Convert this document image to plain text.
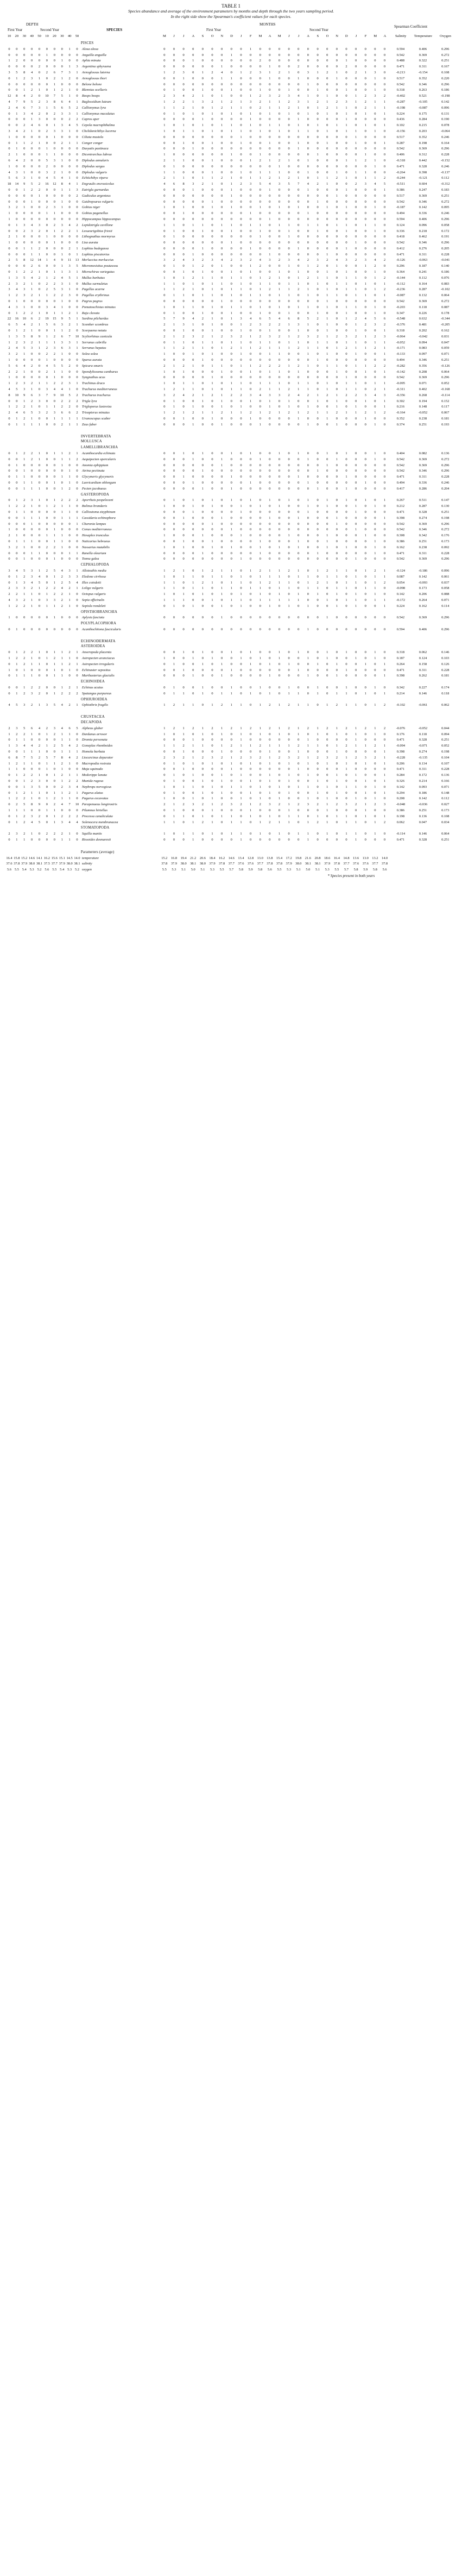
TABLE 1

Species abundance and average of the environment parameters by months and depth through the two years sampling period.

In the right side show the Spearman's coefficient values for each species.

DEPTH
First Year	Second Year	SPECIES
MONTHS
First Year	Second Year
Spearman Coefficient
10	20	30	40	50	10	20	30	40	50	M	J	J	A	S	O	N	D	J	F	M	A	M	J	J	A	S	O	N	D	J	F	M	A	Salinity	Temperature	Oxygen
										PISCES																											
0	0	0	0	0	0	0	0	1	0	Alosa alosa	0	0	0	0	0	0	0	0	0	1	0	0	0	0	0	0	0	0	0	0	0	0	0	0	0.594	0.406	0.296
0	0	0	0	0	1	0	0	0	0	Anguilla anguilla	0	0	0	0	0	0	0	1	0	0	0	0	0	0	0	0	0	0	0	0	0	0	0	0	0.542	0.369	0.272
1	2	0	0	0	0	0	1	0	0	Aphia minuta	0	0	0	1	0	0	0	0	0	0	2	0	0	0	0	0	0	0	0	1	0	0	0	0	0.488	0.322	0.251
0	0	0	0	2	0	0	0	1	3	Argentina sphyraena	0	0	0	0	0	0	1	0	0	0	0	1	0	0	2	0	0	0	0	2	0	0	0	0	0.471	0.311	0.167
3	5	8	4	0	2	6	7	3	1	Arnoglossus laterna	1	2	3	0	1	2	4	0	1	2	3	1	2	1	0	3	1	2	1	0	2	1	3	0	-0.213	-0.154	0.108
0	1	2	3	1	0	2	1	2	0	Arnoglossus thori	0	0	1	0	0	0	1	1	0	0	0	1	0	0	1	0	0	0	1	0	0	0	1	0	0.517	0.352	0.220
0	0	0	0	0	0	1	0	0	0	Belone belone	0	0	0	0	0	0	0	0	0	0	0	0	0	0	0	1	0	0	0	0	0	0	0	0	0.542	0.346	0.296
0	0	1	2	1	0	1	2	1	0	Blennius ocellaris	0	1	0	0	1	0	0	1	0	0	1	0	0	1	0	0	1	0	0	1	0	0	1	0	0.318	0.263	0.186
12	8	4	2	0	10	7	5	1	0	Boops boops	2	3	4	2	1	0	1	0	0	1	2	3	2	3	4	1	0	1	0	0	1	2	3	2	-0.402	0.521	-0.198
4	7	9	5	2	3	8	6	4	1	Buglossidium luteum	1	2	2	1	3	2	1	2	1	3	2	1	1	2	3	1	2	1	2	3	1	2	1	1	-0.287	-0.105	0.142
2	4	6	7	3	1	5	6	5	2	Callionymus lyra	1	1	2	1	0	1	2	1	1	0	2	1	1	2	1	0	1	2	1	1	0	2	1	1	-0.198	-0.087	0.096
0	1	3	4	2	0	2	3	3	1	Callionymus maculatus	0	1	0	1	0	1	0	1	0	1	0	1	0	1	0	1	0	1	0	1	0	1	0	1	0.224	0.175	0.131
0	0	0	1	3	0	0	0	2	2	Capros aper	0	0	0	0	1	0	0	0	0	1	0	0	0	0	1	0	0	0	0	1	0	0	0	0	0.436	0.284	0.190
0	0	2	4	6	0	1	3	4	5	Cepola macrophthalma	1	0	1	0	1	0	1	1	0	1	0	1	1	0	1	0	1	0	1	1	0	1	0	1	0.102	0.215	0.078
3	4	2	1	0	2	3	3	1	0	Chelidonichthys lucerna	1	0	1	1	0	1	0	1	1	0	1	0	1	0	1	1	0	1	0	1	1	0	1	0	-0.156	0.203	-0.064
1	0	0	0	0	0	1	0	0	0	Ciliata mustela	0	0	0	0	0	0	0	0	1	0	0	0	0	0	0	0	0	0	0	0	1	0	0	0	0.517	0.352	0.246
0	1	1	2	1	0	0	2	1	1	Conger conger	0	0	1	0	0	1	0	0	1	0	0	1	0	0	1	0	0	1	0	0	1	0	0	1	0.287	0.198	0.164
0	1	0	0	0	1	0	0	0	0	Dasyatis pastinaca	0	0	0	1	0	0	0	0	0	0	0	0	0	0	1	0	0	0	0	0	0	0	0	0	0.542	0.369	0.296
2	1	0	0	0	1	1	0	0	0	Dicentrarchus labrax	1	0	0	0	0	0	0	1	0	0	1	0	0	0	0	0	1	0	0	0	0	1	0	0	0.406	0.312	0.228
6	4	2	0	0	5	3	1	0	0	Diplodus annularis	2	1	1	0	0	1	0	0	0	1	2	1	2	1	0	1	0	0	0	1	1	2	1	0	-0.318	0.442	-0.152
1	0	0	0	0	2	0	0	0	0	Diplodus sargus	0	1	0	0	0	0	0	0	0	0	0	0	1	0	0	0	0	0	0	0	0	0	1	0	0.471	0.328	0.246
4	3	1	0	0	3	2	1	0	0	Diplodus vulgaris	1	1	0	0	0	1	0	0	1	0	1	1	1	0	0	1	0	0	1	0	1	1	0	0	-0.264	0.398	-0.137
5	6	3	1	0	4	5	4	1	0	Echiichthys vipera	2	1	1	0	1	1	2	1	0	1	1	2	1	2	1	0	1	1	2	1	0	1	1	2	-0.244	-0.121	0.112
18	14	9	5	2	16	12	8	4	1	Engraulis encrasicolus	4	6	8	3	2	1	0	1	2	3	5	4	3	5	7	4	2	1	0	0	2	3	4	5	-0.511	0.604	-0.312
0	0	1	2	2	0	0	1	1	3	Eutrigla gurnardus	0	0	0	1	0	0	0	1	0	0	0	1	0	0	0	1	0	0	0	1	0	0	0	1	0.386	0.247	0.183
0	0	0	0	1	0	0	0	0	2	Gadiculus argenteus	0	0	0	0	0	0	0	1	0	0	0	0	0	0	0	0	0	0	1	0	0	0	0	0	0.517	0.369	0.251
0	0	0	1	0	0	0	1	0	0	Gaidropsarus vulgaris	0	0	0	0	0	1	0	0	0	0	0	0	0	0	0	0	1	0	0	0	0	0	0	0	0.542	0.346	0.272
3	2	1	0	0	2	3	1	0	0	Gobius niger	1	0	1	0	0	1	0	1	0	0	1	0	1	0	1	0	0	1	0	1	0	0	1	0	-0.187	0.142	0.095
1	0	0	0	0	1	1	0	0	0	Gobius paganellus	0	0	1	0	0	0	0	0	0	1	0	0	0	0	0	1	0	0	0	0	0	0	0	0	0.494	0.336	0.246
1	0	0	0	0	0	0	0	0	0	Hippocampus hippocampus	0	0	0	0	0	0	0	0	0	0	0	1	0	0	0	0	0	0	0	0	0	0	0	0	0.594	0.406	0.296
0	1	3	4	3	0	2	3	4	2	Lepidotrigla cavillone	1	1	0	1	1	0	1	1	0	1	1	0	1	1	0	1	1	0	1	1	0	1	1	0	0.124	0.096	0.058
0	0	2	3	2	0	1	2	2	1	Lesueurigobius friesii	0	1	0	0	1	0	0	1	0	0	1	0	0	1	0	0	1	0	0	1	0	0	1	0	0.336	0.218	0.172
2	1	0	0	0	1	0	0	0	0	Lithognathus mormyrus	0	1	0	0	0	0	0	0	0	0	1	0	0	1	0	0	0	0	0	0	0	0	0	0	0.418	0.462	0.191
1	0	0	0	0	0	1	0	0	0	Liza aurata	0	0	0	0	0	0	0	1	0	0	0	0	0	0	0	0	0	0	0	0	1	0	0	0	0.542	0.346	0.296
0	0	1	1	2	0	0	0	2	1	Lophius budegassa	0	0	0	0	1	0	0	0	0	1	0	0	0	0	1	0	0	0	0	1	0	0	0	0	0.412	0.276	0.205
0	0	0	1	1	0	0	1	0	1	Lophius piscatorius	0	0	0	1	0	0	0	0	0	0	0	1	0	0	0	0	0	1	0	0	0	0	0	0	0.471	0.311	0.228
2	5	8	12	14	1	4	9	11	13	Merluccius merluccius	3	2	4	3	2	3	4	2	3	2	4	3	2	3	4	2	3	2	4	3	2	3	4	2	-0.126	-0.063	-0.041
0	0	0	2	6	0	0	1	3	5	Micromesistius poutassou	0	1	0	1	2	0	1	0	0	1	2	0	0	1	0	1	2	0	1	0	0	1	2	0	0.296	0.187	0.140
0	1	2	2	1	0	1	1	3	1	Microchirus variegatus	0	0	1	0	1	0	0	1	0	1	0	0	1	0	1	0	0	1	0	1	0	0	1	0	0.364	0.241	0.186
1	3	5	4	2	1	2	4	5	1	Mullus barbatus	1	0	1	2	1	1	0	1	1	0	1	2	1	0	1	2	1	1	0	1	1	0	1	2	-0.144	0.112	0.076
2	3	2	1	0	2	2	3	1	0	Mullus surmuletus	1	1	0	1	0	1	1	0	1	0	1	1	0	1	1	0	1	0	1	1	0	1	0	1	-0.112	0.164	0.083
3	4	3	1	0	2	5	3	1	0	Pagellus acarne	1	1	2	1	0	1	0	1	1	0	1	2	1	1	2	1	0	1	0	1	1	0	1	2	-0.236	0.287	-0.102
1	2	3	2	1	1	2	2	3	0	Pagellus erythrinus	0	1	1	0	1	1	0	1	0	1	1	0	1	1	0	1	0	1	1	0	1	1	0	1	-0.087	0.132	0.064
0	1	0	0	0	0	0	1	0	0	Pagrus pagrus	0	0	0	0	0	0	1	0	0	0	0	0	0	0	0	0	0	1	0	0	0	0	0	0	0.542	0.369	0.272
4	3	1	0	0	3	4	1	0	0	Pomatoschistus minutus	1	0	1	1	0	1	0	1	1	0	1	0	1	0	1	1	0	1	0	1	1	0	1	0	-0.203	0.118	0.087
0	1	2	2	1	0	1	1	2	1	Raja clavata	0	1	0	0	1	0	0	1	0	0	1	0	0	1	0	0	1	0	0	1	0	0	1	0	0.347	0.226	0.178
22	16	10	6	2	19	15	9	5	1	Sardina pilchardus	5	7	9	4	2	1	0	1	3	4	6	5	4	6	8	5	2	1	0	1	2	4	5	6	-0.548	0.632	-0.344
6	5	4	2	1	5	6	3	2	1	Scomber scombrus	2	1	3	1	0	1	0	0	1	2	3	2	2	1	3	1	0	1	0	0	1	2	3	2	-0.376	0.481	-0.205
0	1	2	1	0	0	1	1	2	0	Scorpaena notata	0	0	1	0	0	1	0	0	1	0	0	1	0	0	1	0	0	1	0	0	1	0	0	1	0.318	0.202	0.162
1	3	5	8	9	1	2	6	7	10	Scyliorhinus canicula	2	1	2	3	2	1	2	3	2	1	2	3	2	1	2	3	2	1	2	3	2	1	2	3	-0.064	-0.042	0.031
1	2	3	2	1	1	1	3	3	1	Serranus cabrilla	0	1	1	0	1	1	0	1	1	0	1	1	0	1	1	0	1	1	0	1	1	0	1	1	-0.052	0.094	0.047
2	4	5	3	1	2	3	6	3	1	Serranus hepatus	1	1	2	1	1	0	1	2	1	1	2	1	1	1	2	1	1	0	1	2	1	1	2	1	-0.171	0.083	0.059
3	2	1	0	0	2	2	1	0	0	Solea solea	1	0	0	1	0	1	0	0	1	0	0	1	1	0	0	1	0	1	0	0	1	0	0	1	-0.133	0.097	0.071
1	0	0	0	0	1	0	0	0	0	Sparus aurata	0	0	0	0	1	0	0	0	0	0	0	0	0	0	0	0	1	0	0	0	0	0	0	0	0.494	0.346	0.251
5	6	4	2	0	4	5	5	2	0	Spicara smaris	2	1	2	1	0	1	1	0	1	1	2	2	2	1	2	1	0	1	1	0	1	1	2	2	-0.282	0.356	-0.126
2	2	1	0	0	2	1	1	0	0	Spondyliosoma cantharus	1	0	1	0	0	0	1	0	0	1	0	1	1	0	1	0	0	0	1	0	0	1	0	1	-0.142	0.208	0.064
1	0	0	0	0	0	1	0	0	0	Syngnathus acus	0	0	0	0	0	1	0	0	0	0	0	0	0	0	0	0	0	0	0	1	0	0	0	0	0.542	0.369	0.296
1	2	3	2	1	1	2	2	3	1	Trachinus draco	1	0	1	1	0	1	0	1	1	0	1	1	1	0	1	1	0	1	0	1	1	0	1	1	-0.095	0.071	0.052
4	5	3	1	0	3	4	4	1	0	Trachurus mediterraneus	1	2	1	1	0	1	0	1	1	0	2	1	1	2	1	1	0	1	0	1	1	0	2	1	-0.311	0.402	-0.168
8	10	9	6	3	7	9	10	5	2	Trachurus trachurus	3	2	4	2	1	2	1	2	2	3	4	3	3	2	4	2	1	2	1	2	2	3	4	3	-0.356	0.268	-0.114
0	0	1	2	3	0	0	2	2	2	Trigla lyra	0	1	0	0	1	0	1	0	0	1	0	1	0	1	0	0	1	0	1	0	0	1	0	1	0.302	0.194	0.152
1	2	2	1	0	1	1	2	2	0	Trigloporus lastoviza	0	1	0	1	0	0	1	0	1	0	0	1	0	1	0	1	0	0	1	0	1	0	0	1	0.216	0.148	0.117
2	4	6	5	3	2	3	6	6	2	Trisopterus minutus	1	2	1	2	1	1	2	1	1	2	1	2	1	2	1	2	1	1	2	1	1	2	1	2	-0.164	-0.052	0.067
0	1	2	1	0	0	1	1	1	1	Uranoscopus scaber	0	0	1	0	0	1	0	0	0	1	0	0	0	0	1	0	0	1	0	0	0	1	0	0	0.352	0.238	0.181
0	1	1	1	1	0	0	2	1	1	Zeus faber	0	0	0	1	0	0	1	0	0	0	1	0	0	0	0	1	0	0	1	0	0	0	1	0	0.374	0.251	0.193

										INVERTEBRATA																											
										MOLLUSCA																											
										LAMELLIBRANCHIA																											
0	1	2	2	1	0	1	1	2	1	Acanthocardia echinata	0	0	1	0	1	0	0	1	0	1	0	0	1	0	1	0	0	1	0	1	0	0	1	0	0.404	0.082	0.136
0	0	1	2	1	0	0	1	1	2	Aequipecten opercularis	0	0	0	1	0	0	1	0	0	0	1	0	0	0	0	1	0	0	1	0	0	0	1	0	0.542	0.369	0.272
0	1	0	0	0	0	0	1	0	0	Anomia ephippium	0	0	0	0	0	0	1	0	0	0	0	0	0	0	0	0	0	1	0	0	0	0	0	0	0.542	0.369	0.296
0	0	1	0	0	0	0	0	1	0	Atrina pectinata	0	0	0	0	1	0	0	0	0	0	0	0	0	0	0	0	1	0	0	0	0	0	0	0	0.542	0.346	0.296
0	1	1	0	0	0	0	1	1	0	Glycymeris glycymeris	0	0	1	0	0	0	0	1	0	0	0	0	0	0	1	0	0	0	0	1	0	0	0	0	0.471	0.311	0.228
0	0	1	1	0	0	1	0	1	0	Laevicardium oblongum	0	0	0	1	0	0	0	0	0	1	0	0	0	0	0	1	0	0	0	0	0	1	0	0	0.494	0.336	0.246
0	0	1	1	1	0	0	1	2	0	Pecten jacobaeus	0	0	0	0	1	0	0	1	0	0	0	0	0	0	0	0	1	0	0	1	0	0	0	0	0.417	0.286	0.204
										GASTEROPODA																											
0	1	2	3	1	0	1	2	2	2	Aporrhais pespelecani	0	1	0	1	0	1	0	1	0	1	0	1	0	1	0	1	0	1	0	1	0	1	0	1	0.267	0.511	0.147
1	2	2	1	0	1	2	1	1	0	Bolinus brandaris	1	0	0	1	0	1	0	0	1	0	1	0	1	0	0	1	0	1	0	0	1	0	1	0	0.212	0.287	0.130
0	1	1	0	0	0	0	1	1	0	Calliostoma zizyphinum	0	0	0	1	0	0	0	0	1	0	0	0	0	0	0	1	0	0	0	0	1	0	0	0	0.471	0.328	0.251
0	0	1	1	1	0	0	1	1	1	Cassidaria echinophora	0	0	1	0	0	0	1	0	0	0	0	1	0	0	1	0	0	0	1	0	0	0	0	1	0.398	0.274	0.198
0	0	0	1	0	0	0	0	0	1	Charonia lampas	0	0	0	0	0	1	0	0	0	0	0	0	0	0	0	0	0	0	1	0	0	0	0	0	0.542	0.369	0.296
1	0	0	0	0	0	1	0	0	0	Conus mediterraneus	0	0	0	0	0	0	0	1	0	0	0	0	0	0	0	0	0	0	0	0	1	0	0	0	0.542	0.346	0.272
2	1	0	0	0	1	1	1	0	0	Hexaplex trunculus	1	0	0	0	1	0	0	0	1	0	0	0	0	1	0	0	0	1	0	0	0	1	0	0	0.308	0.342	0.176
0	1	1	1	0	0	1	1	0	0	Naticarius hebraeus	0	0	1	0	0	1	0	0	0	0	1	0	0	0	1	0	0	1	0	0	0	0	1	0	0.386	0.251	0.173
3	2	1	0	0	2	2	1	0	0	Nassarius mutabilis	1	0	1	0	0	1	0	1	0	0	1	0	1	0	1	0	0	1	0	1	0	0	1	0	0.162	0.238	0.092
0	0	0	1	1	0	0	0	1	1	Ranella olearium	0	0	0	0	1	0	0	0	0	0	1	0	0	0	0	0	1	0	0	0	0	0	1	0	0.471	0.311	0.228
0	0	1	0	0	0	1	0	0	0	Tonna galea	0	0	0	0	0	0	0	0	1	0	0	0	0	0	0	0	0	0	0	0	1	0	0	0	0.542	0.369	0.296
										CEPHALOPODA																											
3	4	5	3	1	2	5	4	3	1	Alloteuthis media	1	2	1	0	1	2	1	1	0	1	2	1	1	2	1	0	1	2	1	1	0	1	2	1	-0.124	-0.186	0.096
0	1	2	3	4	0	1	2	3	3	Eledone cirrhosa	1	0	1	1	0	1	1	0	1	0	1	1	1	0	1	1	0	1	1	0	1	0	1	1	0.087	0.142	0.061
0	1	3	4	5	0	1	2	5	4	Illex coindetii	1	1	0	1	2	1	0	1	1	0	1	2	1	1	0	1	2	1	0	1	1	0	1	2	0.054	-0.093	0.037
2	3	3	2	1	2	2	4	2	1	Loligo vulgaris	1	1	0	1	1	0	1	1	0	1	1	0	1	1	0	1	1	0	1	1	0	1	1	0	-0.098	0.173	0.058
2	2	1	1	0	1	2	2	1	0	Octopus vulgaris	1	0	1	0	1	0	1	0	1	0	1	0	1	0	1	0	1	0	1	0	1	0	1	0	0.142	0.206	0.088
4	3	2	1	0	3	3	2	1	0	Sepia officinalis	1	1	1	0	0	1	0	1	1	0	1	1	1	1	1	0	0	1	0	1	1	0	1	1	-0.172	0.264	0.071
1	2	2	1	0	1	1	2	1	0	Sepiola rondeleti	0	1	0	1	0	0	1	0	1	0	0	1	0	1	0	1	0	0	1	0	1	0	0	1	0.224	0.162	0.114
										OPISTHOBRANCHIA																											
1	0	0	0	0	0	1	0	0	0	Aplysia fasciata	0	0	0	0	0	0	1	0	0	0	0	0	0	0	0	0	0	1	0	0	0	0	0	0	0.542	0.369	0.296
										POLYPLACOPHORA																											
0	1	0	0	0	0	0	0	0	0	Acanthochitona fascicularis	0	0	0	0	0	0	0	0	0	0	0	0	0	0	0	1	0	0	0	0	0	0	0	0	0.594	0.406	0.296

										ECHINODERMATA																											
										ASTEROIDEA																											
0	1	2	2	1	0	1	1	2	1	Anseropoda placenta	0	0	1	0	1	0	0	1	0	1	0	0	1	0	1	0	0	1	0	1	0	0	1	0	0.318	0.062	0.146
1	2	2	1	0	1	2	1	1	0	Astropecten aranciacus	1	0	0	1	0	1	0	0	1	0	1	0	1	0	0	1	0	1	0	0	1	0	1	0	0.187	0.124	0.103
0	1	2	1	1	0	1	1	2	1	Astropecten irregularis	0	1	0	0	1	0	1	0	0	1	0	1	0	1	0	0	1	0	1	0	0	1	0	1	0.264	0.158	0.126
1	0	1	0	0	0	1	0	1	0	Echinaster sepositus	0	0	1	0	0	0	0	1	0	0	0	0	0	0	1	0	0	0	0	1	0	0	0	0	0.471	0.311	0.228
0	1	1	1	0	0	1	1	0	0	Marthasterias glacialis	0	0	0	1	0	0	1	0	0	0	0	1	0	0	0	1	0	0	1	0	0	0	0	1	0.398	0.262	0.181
										ECHINOIDEA																											
0	0	1	2	2	0	0	1	2	1	Echinus acutus	0	1	0	0	1	0	0	1	0	0	1	0	0	1	0	0	1	0	0	1	0	0	1	0	0.342	0.227	0.174
0	1	2	3	2	0	1	2	2	2	Spatangus purpureus	0	1	1	0	1	0	1	1	0	1	0	1	0	1	1	0	1	0	1	1	0	1	0	1	0.214	0.146	0.118
										OPHIUROIDEA																											
4	5	3	2	1	3	5	4	2	1	Ophiothrix fragilis	1	2	1	1	0	1	2	1	1	0	1	2	1	2	1	1	0	1	2	1	1	0	1	2	-0.102	-0.061	0.062

										CRUSTACEA																											
										DECAPODA																											
2	3	5	6	4	2	3	4	6	5	Alpheus glaber	1	2	1	2	1	2	1	2	1	2	1	2	1	2	1	2	1	2	1	2	1	2	1	2	-0.076	-0.052	0.044
1	2	2	1	0	1	2	1	1	0	Dardanus arrosor	1	0	1	0	1	0	1	0	1	0	1	0	1	0	1	0	1	0	1	0	1	0	1	0	0.176	0.118	0.094
0	1	1	0	0	0	0	1	1	0	Dromia personata	0	0	0	1	0	0	0	0	1	0	0	0	0	0	0	1	0	0	0	0	1	0	0	0	0.471	0.328	0.251
1	3	4	4	2	1	2	5	4	2	Goneplax rhomboides	1	1	2	1	1	0	1	2	1	1	2	1	1	1	2	1	1	0	1	2	1	1	2	1	-0.094	-0.071	0.052
0	0	1	1	1	0	0	1	1	1	Homola barbata	0	0	1	0	0	0	1	0	0	0	0	1	0	0	1	0	0	0	1	0	0	0	0	1	0.398	0.274	0.198
6	8	7	5	2	5	7	8	4	2	Liocarcinus depurator	2	3	2	1	2	3	2	1	2	3	2	1	2	3	2	1	2	3	2	1	2	3	2	1	-0.228	-0.135	0.104
1	2	1	1	0	1	1	2	1	0	Macropodia rostrata	0	1	0	1	0	1	0	1	0	1	0	1	0	1	0	1	0	1	0	1	0	1	0	1	0.206	0.134	0.107
1	1	0	0	0	1	0	1	0	0	Maja squinado	0	0	1	0	0	0	0	1	0	0	0	0	0	0	1	0	0	0	0	1	0	0	0	0	0.471	0.311	0.228
0	1	2	2	1	0	1	2	1	1	Medorippe lanata	0	1	0	1	0	0	1	0	1	0	0	1	0	1	0	1	0	0	1	0	1	0	0	1	0.284	0.172	0.136
0	0	1	2	3	0	0	1	2	2	Munida rugosa	0	1	0	0	1	0	1	0	0	1	0	1	0	1	0	0	1	0	1	0	0	1	0	1	0.326	0.214	0.166
0	0	1	3	5	0	0	2	3	4	Nephrops norvegicus	1	0	1	1	0	1	0	1	1	0	1	0	1	0	1	1	0	1	0	1	1	0	1	0	0.142	0.093	0.071
0	1	2	1	1	0	1	1	2	1	Pagurus alatus	0	1	0	0	1	0	1	0	0	1	0	1	0	1	0	0	1	0	1	0	0	1	0	1	0.294	0.186	0.148
1	2	2	1	0	1	2	1	1	0	Pagurus excavatus	1	0	0	1	0	1	0	0	1	0	1	0	1	0	0	1	0	1	0	0	1	0	1	0	0.208	0.142	0.112
0	2	5	8	9	0	2	4	7	10	Parapenaeus longirostris	2	1	2	3	2	1	2	3	2	1	2	3	2	1	2	3	2	1	2	3	2	1	2	3	-0.048	-0.036	0.027
1	1	1	0	0	1	1	0	0	0	Pilumnus hirtellus	0	1	0	0	0	1	0	0	0	1	0	0	0	1	0	0	0	1	0	0	0	1	0	0	0.386	0.251	0.173
0	1	2	3	2	0	1	2	2	2	Processa canaliculata	0	1	1	0	1	0	1	1	0	1	0	1	0	1	1	0	1	0	1	1	0	1	0	1	0.198	0.136	0.108
0	1	2	4	5	0	1	3	4	4	Solenocera membranacea	1	1	0	1	2	1	0	1	1	0	1	2	1	1	0	1	2	1	0	1	1	0	1	2	0.062	0.047	0.034
										STOMATOPODA																											
2	3	2	1	0	2	2	2	1	0	Squilla mantis	1	0	1	1	0	1	0	1	1	0	1	0	1	0	1	1	0	1	0	1	1	0	1	0	-0.114	0.146	0.064
0	1	1	0	0	0	0	1	1	0	Rissoides desmaresti	0	0	0	1	0	0	0	0	1	0	0	0	0	0	0	1	0	0	0	0	1	0	0	0	0.471	0.328	0.251

										Parameters (average)																											
16.4	15.8	15.2	14.6	14.1	16.2	15.6	15.1	14.5	14.0	temperature	15.2	16.8	19.4	21.2	20.6	18.4	16.2	14.6	13.4	12.8	13.0	13.8	15.4	17.2	19.8	21.6	20.8	18.6	16.4	14.8	13.6	13.0	13.2	14.0			
37.6	37.8	37.9	38.0	38.1	37.5	37.7	37.9	38.0	38.1	salinity	37.8	37.9	38.0	38.1	38.0	37.9	37.8	37.7	37.6	37.6	37.7	37.8	37.8	37.9	38.0	38.1	38.1	37.9	37.8	37.7	37.6	37.6	37.7	37.8			
5.6	5.5	5.4	5.3	5.2	5.6	5.5	5.4	5.3	5.2	oxygen	5.5	5.3	5.1	5.0	5.1	5.3	5.5	5.7	5.8	5.9	5.8	5.6	5.5	5.3	5.1	5.0	5.1	5.3	5.5	5.7	5.8	5.9	5.8	5.6			
																				* Species present in both years																	
